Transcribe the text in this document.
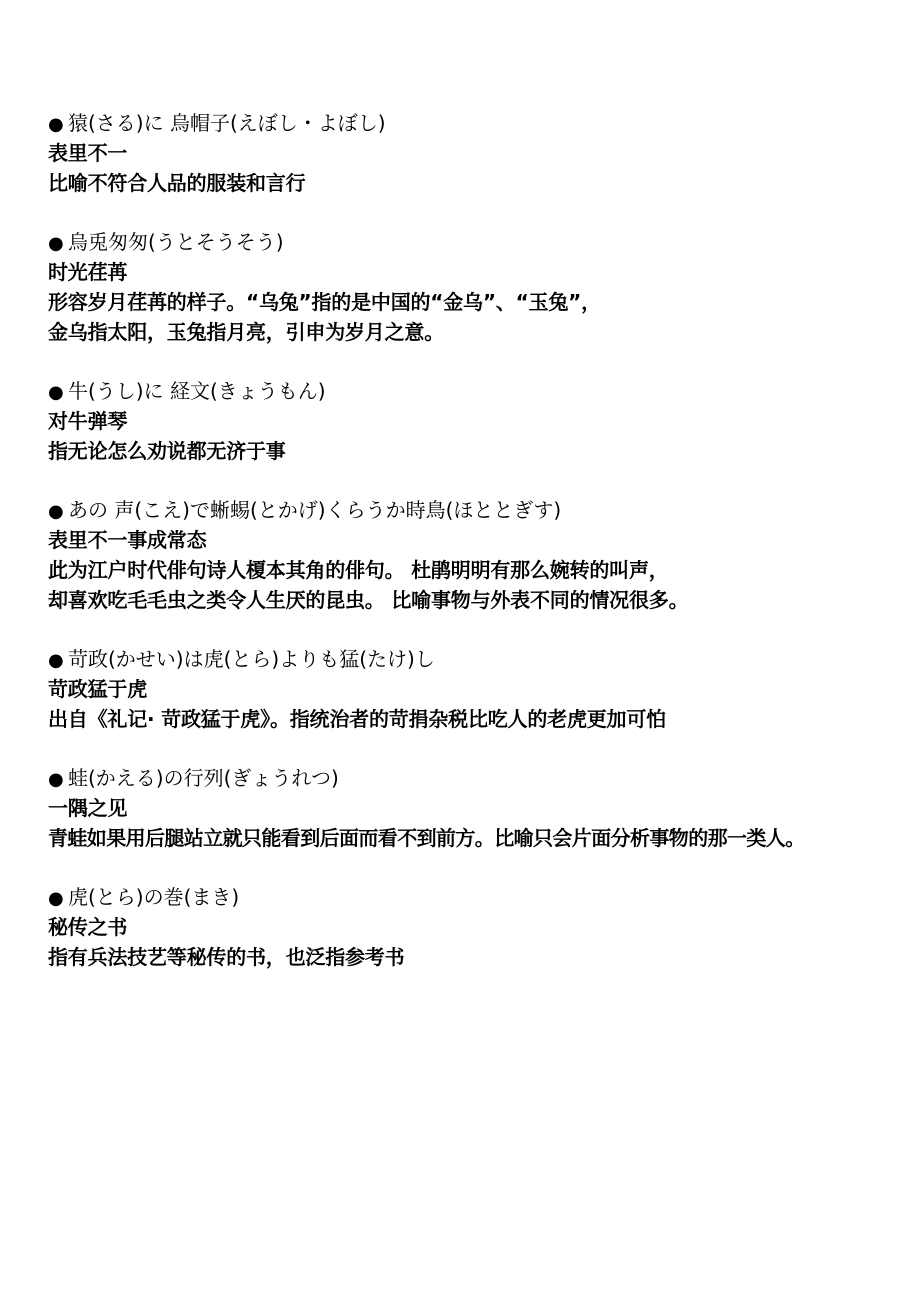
● 猿(さる)に 烏帽子(えぼし・よぼし)
表里不一
比喻不符合人品的服装和言行
● 烏兎匆匆(うとそうそう)
时光荏苒
形容岁月荏苒的样子。“乌兔”指的是中国的“金乌”、“玉兔”，
金乌指太阳，玉兔指月亮，引申为岁月之意。
● 牛(うし)に 経文(きょうもん)
对牛弹琴
指无论怎么劝说都无济于事
● あの 声(こえ)で蜥蜴(とかげ)くらうか時鳥(ほととぎす)
表里不一事成常态
此为江户时代俳句诗人榎本其角的俳句。 杜鹃明明有那么婉转的叫声，
却喜欢吃毛毛虫之类令人生厌的昆虫。 比喻事物与外表不同的情况很多。
● 苛政(かせい)は虎(とら)よりも猛(たけ)し
苛政猛于虎
出自《礼记· 苛政猛于虎》。指统治者的苛捐杂税比吃人的老虎更加可怕
● 蛙(かえる)の行列(ぎょうれつ)
一隅之见
青蛙如果用后腿站立就只能看到后面而看不到前方。比喻只会片面分析事物的那一类人。
● 虎(とら)の巻(まき)
秘传之书
指有兵法技艺等秘传的书，也泛指参考书
